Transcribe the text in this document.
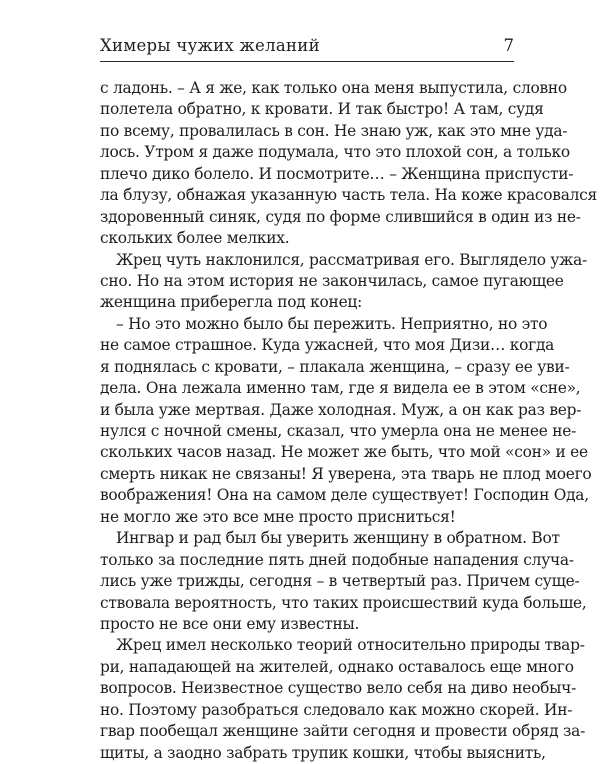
Химеры чужих желаний	7
с ладонь. – А я же, как только она меня выпустила, словно
полетела обратно, к кровати. И так быстро! А там, судя
по всему, провалилась в сон. Не знаю уж, как это мне уда-
лось. Утром я даже подумала, что это плохой сон, а только
плечо дико болело. И посмотрите… – Женщина приспусти-
ла блузу, обнажая указанную часть тела. На коже красовался
здоровенный синяк, судя по форме слившийся в один из не-
скольких более мелких.
Жрец чуть наклонился, рассматривая его. Выглядело ужа-
сно. Но на этом история не закончилась, самое пугающее
женщина приберегла под конец:
– Но это можно было бы пережить. Неприятно, но это
не самое страшное. Куда ужасней, что моя Дизи… когда
я поднялась с кровати, – плакала женщина, – сразу ее уви-
дела. Она лежала именно там, где я видела ее в этом «сне»,
и была уже мертвая. Даже холодная. Муж, а он как раз вер-
нулся с ночной смены, сказал, что умерла она не менее не-
скольких часов назад. Не может же быть, что мой «сон» и ее
смерть никак не связаны! Я уверена, эта тварь не плод моего
воображения! Она на самом деле существует! Господин Ода,
не могло же это все мне просто присниться!
Ингвар и рад был бы уверить женщину в обратном. Вот
только за последние пять дней подобные нападения случа-
лись уже трижды, сегодня – в четвертый раз. Причем суще-
ствовала вероятность, что таких происшествий куда больше,
просто не все они ему известны.
Жрец имел несколько теорий относительно природы твар-
ри, нападающей на жителей, однако оставалось еще много
вопросов. Неизвестное существо вело себя на диво необыч-
но. Поэтому разобраться следовало как можно скорей. Ин-
гвар пообещал женщине зайти сегодня и провести обряд за-
щиты, а заодно забрать трупик кошки, чтобы выяснить,
